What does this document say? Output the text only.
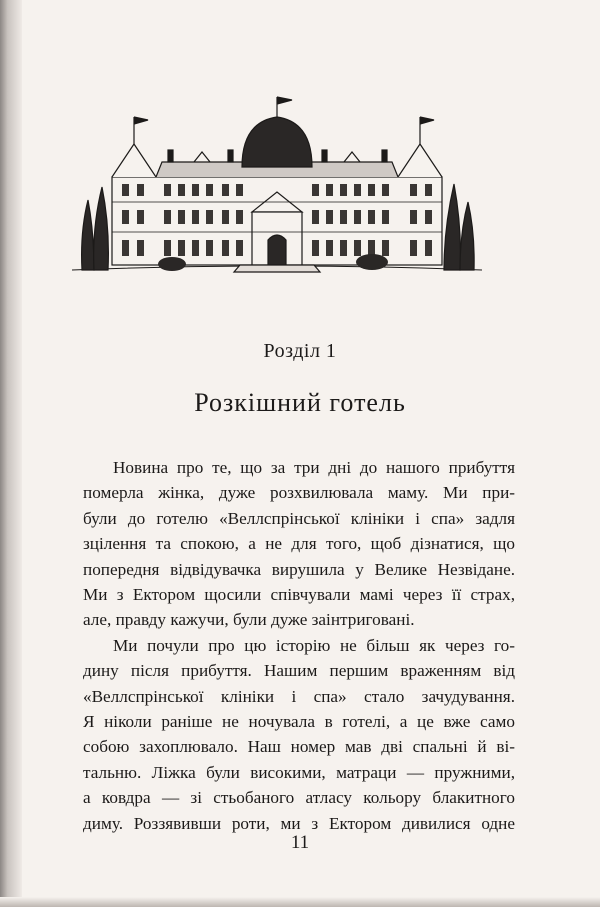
Розділ 1
Розкішний готель
Новина про те, що за три дні до нашого прибуття
померла жінка, дуже розхвилювала маму. Ми при-
були до готелю «Веллспрінської клініки і спа» задля
зцілення та спокою, а не для того, щоб дізнатися, що
попередня відвідувачка вирушила у Велике Незвідане.
Ми з Ектором щосили співчували мамі через її страх,
але, правду кажучи, були дуже заінтриговані.
Ми почули про цю історію не більш як через го-
дину після прибуття. Нашим першим враженням від
«Веллспрінської клініки і спа» стало зачудування.
Я ніколи раніше не ночувала в готелі, а це вже само
собою захоплювало. Наш номер мав дві спальні й ві-
тальню. Ліжка були високими, матраци — пружними,
а ковдра — зі стьобаного атласу кольору блакитного
диму. Роззявивши роти, ми з Ектором дивилися одне
11
